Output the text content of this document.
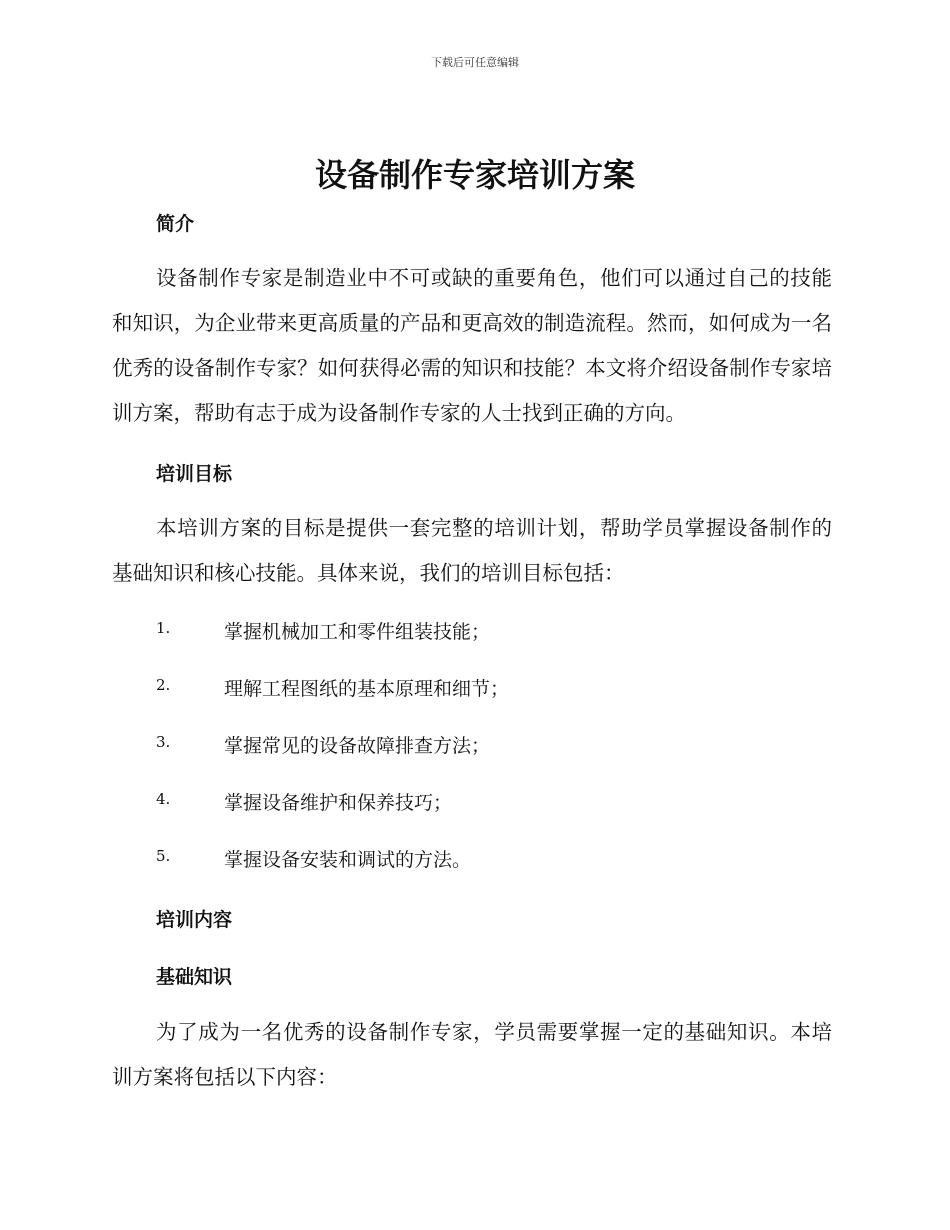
下载后可任意编辑
设备制作专家培训方案
简介

设备制作专家是制造业中不可或缺的重要角色，他们可以通过自己的技能和知识，为企业带来更高质量的产品和更高效的制造流程。然而，如何成为一名优秀的设备制作专家？如何获得必需的知识和技能？本文将介绍设备制作专家培训方案，帮助有志于成为设备制作专家的人士找到正确的方向。

培训目标

本培训方案的目标是提供一套完整的培训计划，帮助学员掌握设备制作的基础知识和核心技能。具体来说，我们的培训目标包括：

1.	掌握机械加工和零件组装技能；
2.	理解工程图纸的基本原理和细节；
3.	掌握常见的设备故障排查方法；
4.	掌握设备维护和保养技巧；
5.	掌握设备安装和调试的方法。
培训内容
基础知识

为了成为一名优秀的设备制作专家，学员需要掌握一定的基础知识。本培训方案将包括以下内容：
